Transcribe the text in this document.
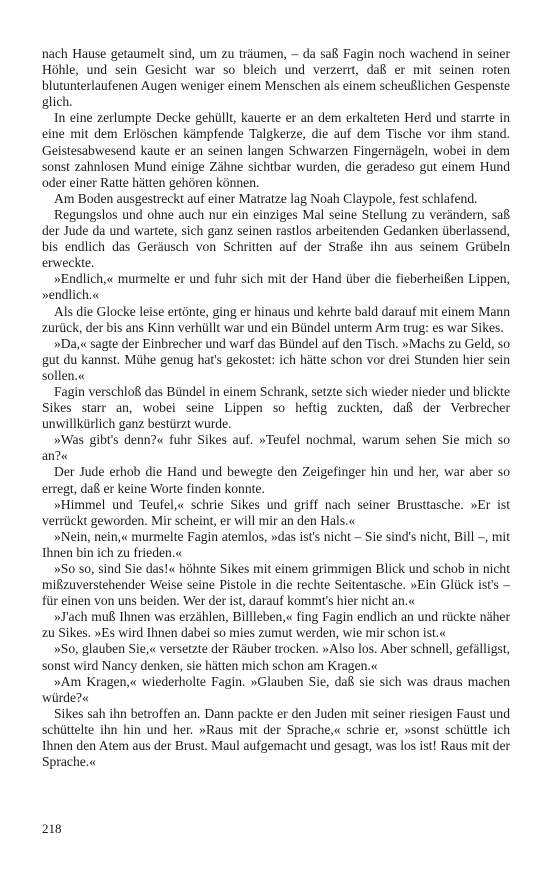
nach Hause getaumelt sind, um zu träumen, – da saß Fagin noch wachend in seiner Höhle, und sein Gesicht war so bleich und verzerrt, daß er mit seinen roten blutunterlaufenen Augen weniger einem Menschen als einem scheußlichen Gespenste glich.

In eine zerlumpte Decke gehüllt, kauerte er an dem erkalteten Herd und starrte in eine mit dem Erlöschen kämpfende Talgkerze, die auf dem Tische vor ihm stand. Geistesabwesend kaute er an seinen langen Schwarzen Fingernägeln, wobei in dem sonst zahnlosen Mund einige Zähne sichtbar wurden, die geradeso gut einem Hund oder einer Ratte hätten gehören können.

Am Boden ausgestreckt auf einer Matratze lag Noah Claypole, fest schlafend.

Regungslos und ohne auch nur ein einziges Mal seine Stellung zu verändern, saß der Jude da und wartete, sich ganz seinen rastlos arbeitenden Gedanken überlassend, bis endlich das Geräusch von Schritten auf der Straße ihn aus seinem Grübeln erweckte.

»Endlich,« murmelte er und fuhr sich mit der Hand über die fieberheißen Lippen, »endlich.«

Als die Glocke leise ertönte, ging er hinaus und kehrte bald darauf mit einem Mann zurück, der bis ans Kinn verhüllt war und ein Bündel unterm Arm trug: es war Sikes.

»Da,« sagte der Einbrecher und warf das Bündel auf den Tisch. »Machs zu Geld, so gut du kannst. Mühe genug hat's gekostet: ich hätte schon vor drei Stunden hier sein sollen.«

Fagin verschloß das Bündel in einem Schrank, setzte sich wieder nieder und blickte Sikes starr an, wobei seine Lippen so heftig zuckten, daß der Verbrecher unwillkürlich ganz bestürzt wurde.

»Was gibt's denn?« fuhr Sikes auf. »Teufel nochmal, warum sehen Sie mich so an?«

Der Jude erhob die Hand und bewegte den Zeigefinger hin und her, war aber so erregt, daß er keine Worte finden konnte.

»Himmel und Teufel,« schrie Sikes und griff nach seiner Brusttasche. »Er ist verrückt geworden. Mir scheint, er will mir an den Hals.«

»Nein, nein,« murmelte Fagin atemlos, »das ist's nicht – Sie sind's nicht, Bill –, mit Ihnen bin ich zu frieden.«

»So so, sind Sie das!« höhnte Sikes mit einem grimmigen Blick und schob in nicht mißzuverstehender Weise seine Pistole in die rechte Seitentasche. »Ein Glück ist's – für einen von uns beiden. Wer der ist, darauf kommt's hier nicht an.«

»J'ach muß Ihnen was erzählen, Billleben,« fing Fagin endlich an und rückte näher zu Sikes. »Es wird Ihnen dabei so mies zumut werden, wie mir schon ist.«

»So, glauben Sie,« versetzte der Räuber trocken. »Also los. Aber schnell, gefälligst, sonst wird Nancy denken, sie hätten mich schon am Kragen.«

»Am Kragen,« wiederholte Fagin. »Glauben Sie, daß sie sich was draus machen würde?«

Sikes sah ihn betroffen an. Dann packte er den Juden mit seiner riesigen Faust und schüttelte ihn hin und her. »Raus mit der Sprache,« schrie er, »sonst schüttle ich Ihnen den Atem aus der Brust. Maul aufgemacht und gesagt, was los ist! Raus mit der Sprache.«

218
